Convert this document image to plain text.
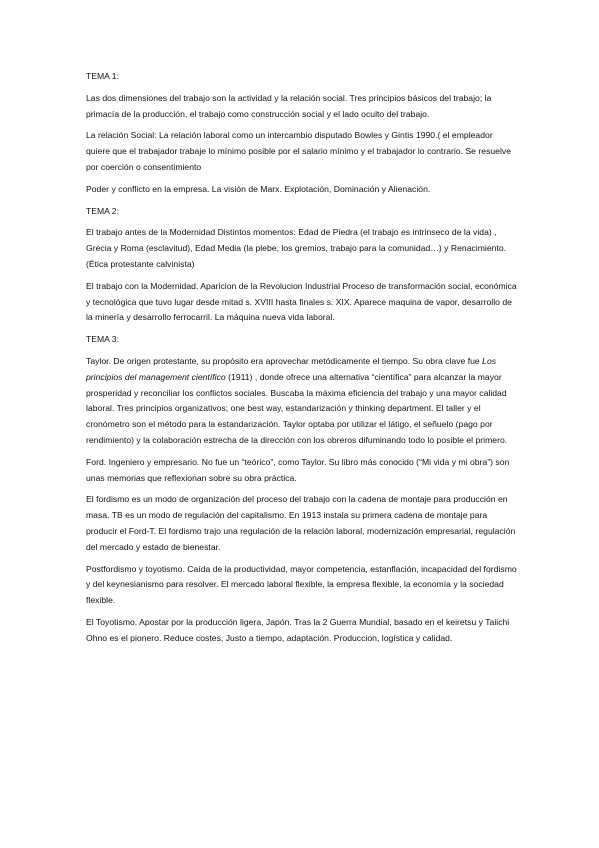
TEMA 1:

Las dos dimensiones del trabajo son la actividad y la relación social. Tres principios básicos del trabajo; la primacía de la producción, el trabajo como construcción social y el lado oculto del trabajo.

La relación Social: La relación laboral como un intercambio disputado Bowles y Gintis 1990.( el empleador quiere que el trabajador trabaje lo mínimo posible por el salario mínimo y el trabajador lo contrario. Se resuelve por coerción o consentimiento

Poder y conflicto en la empresa. La visión de Marx. Explotación, Dominación y Alienación.

TEMA 2:

El trabajo antes de la Modernidad Distintos momentos: Edad de Piedra (el trabajo es intrinseco de la vida) , Grecia y Roma (esclavitud), Edad Media (la plebe, los gremios, trabajo para la comunidad…) y Renacimiento. (Ética protestante calvinista)

El trabajo con la Modernidad. Aparicion de la Revolucion Industrial Proceso de transformación social, económica y tecnológica que tuvo lugar desde mitad s. XVIII hasta finales s. XIX. Aparece maquina de vapor, desarrollo de la minería y desarrollo ferrocarril. La máquina nueva vida laboral.

TEMA 3:

Taylor. De origen protestante, su propósito era aprovechar metódicamente el tiempo. Su obra clave fue Los principios del management científico (1911) , donde ofrece una alternativa “científica” para alcanzar la mayor prosperidad y reconciliar los conflictos sociales. Buscaba la máxima eficiencia del trabajo y una mayor calidad laboral. Tres principios organizativos; one best way, estandarización y thinking department. El taller y el cronómetro son el método para la estandarización. Taylor optaba por utilizar el látigo, el señuelo (pago por rendimiento) y la colaboración estrecha de la dirección con los obreros difuminando todo lo posible el primero.

Ford. Ingeniero y empresario. No fue un “teórico”, como Taylor. Su libro más conocido (“Mi vida y mi obra”) son unas memorias que reflexionan sobre su obra práctica.

El fordismo es un modo de organización del proceso del trabajo con la cadena de montaje para producción en masa. TB es un modo de regulación del capitalismo. En 1913 instala su primera cadena de montaje para producir el Ford-T. El fordismo trajo una regulación de la relación laboral, modernización empresarial, regulación del mercado y estado de bienestar.

Postfordismo y toyotismo. Caída de la productividad, mayor competencia, estanflación, incapacidad del fordismo y del keynesianismo para resolver. El mercado laboral flexible, la empresa flexible, la economía y la sociedad flexible.

El Toyotismo. Apostar por la producción ligera, Japón. Tras la 2 Guerra Mundial, basado en el keiretsu y Taiichi Ohno es el pionero. Reduce costes, Justo a tiempo, adaptación. Produccion, logística y calidad.
